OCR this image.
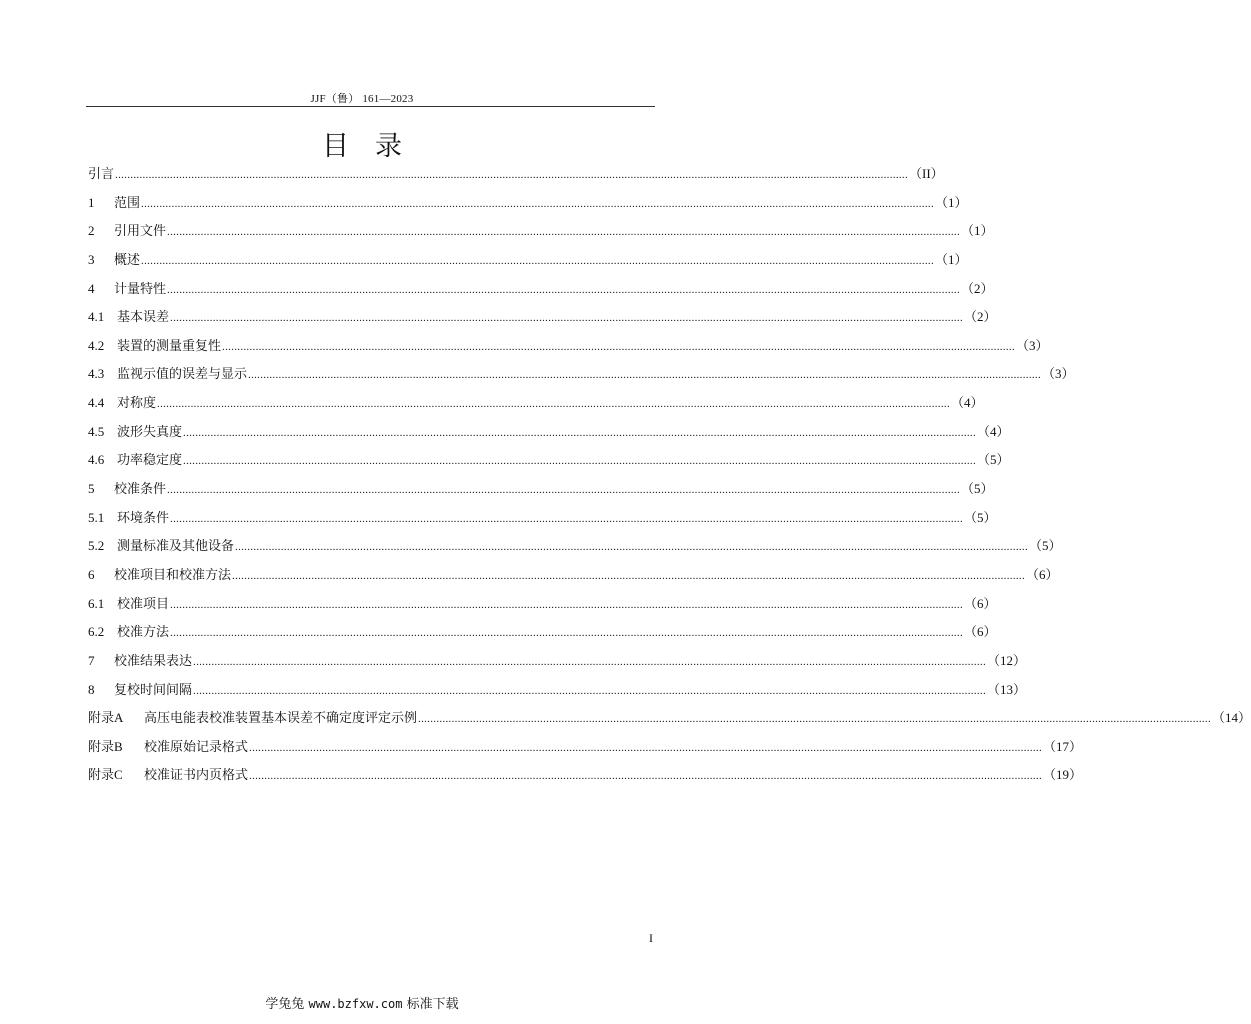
JJF（鲁） 161—2023
目录
引言 .................................................................................................................................................................................................................................................................... （II）
1 范围 .................................................................................................................................................................................................................................................................... （1）
2 引用文件 .................................................................................................................................................................................................................................................................... （1）
3 概述 .................................................................................................................................................................................................................................................................... （1）
4 计量特性 .................................................................................................................................................................................................................................................................... （2）
4.1 基本误差 .................................................................................................................................................................................................................................................................... （2）
4.2 装置的测量重复性 .................................................................................................................................................................................................................................................................... （3）
4.3 监视示值的误差与显示 .................................................................................................................................................................................................................................................................... （3）
4.4 对称度 .................................................................................................................................................................................................................................................................... （4）
4.5 波形失真度 .................................................................................................................................................................................................................................................................... （4）
4.6 功率稳定度 .................................................................................................................................................................................................................................................................... （5）
5 校准条件 .................................................................................................................................................................................................................................................................... （5）
5.1 环境条件 .................................................................................................................................................................................................................................................................... （5）
5.2 测量标准及其他设备 .................................................................................................................................................................................................................................................................... （5）
6 校准项目和校准方法 .................................................................................................................................................................................................................................................................... （6）
6.1 校准项目 .................................................................................................................................................................................................................................................................... （6）
6.2 校准方法 .................................................................................................................................................................................................................................................................... （6）
7 校准结果表达 .................................................................................................................................................................................................................................................................... （12）
8 复校时间间隔 .................................................................................................................................................................................................................................................................... （13）
附录A 高压电能表校准装置基本误差不确定度评定示例 .................................................................................................................................................................................................................................................................... （14）
附录B 校准原始记录格式 .................................................................................................................................................................................................................................................................... （17）
附录C 校准证书内页格式 .................................................................................................................................................................................................................................................................... （19）
I
学兔兔 www.bzfxw.com 标准下载
